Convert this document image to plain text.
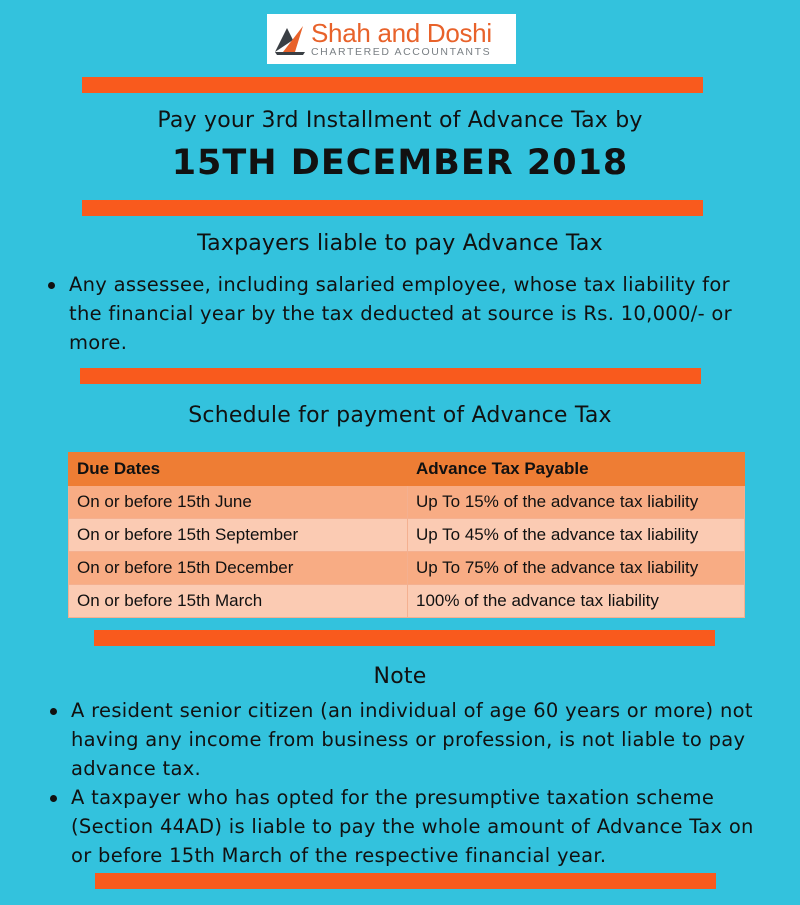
Shah and Doshi
CHARTERED ACCOUNTANTS
Pay your 3rd Installment of Advance Tax by
15TH DECEMBER 2018
Taxpayers liable to pay Advance Tax
Any assessee, including salaried employee, whose tax liability for the financial year by the tax deducted at source is Rs. 10,000/- or more.
Schedule for payment of Advance Tax
Due Dates	Advance Tax Payable
On or before 15th June	Up To 15% of the advance tax liability
On or before 15th September	Up To 45% of the advance tax liability
On or before 15th December	Up To 75% of the advance tax liability
On or before 15th March	100% of the advance tax liability
Note
A resident senior citizen (an individual of age 60 years or more) not having any income from business or profession, is not liable to pay advance tax.
A taxpayer who has opted for the presumptive taxation scheme (Section 44AD) is liable to pay the whole amount of Advance Tax on or before 15th March of the respective financial year.
